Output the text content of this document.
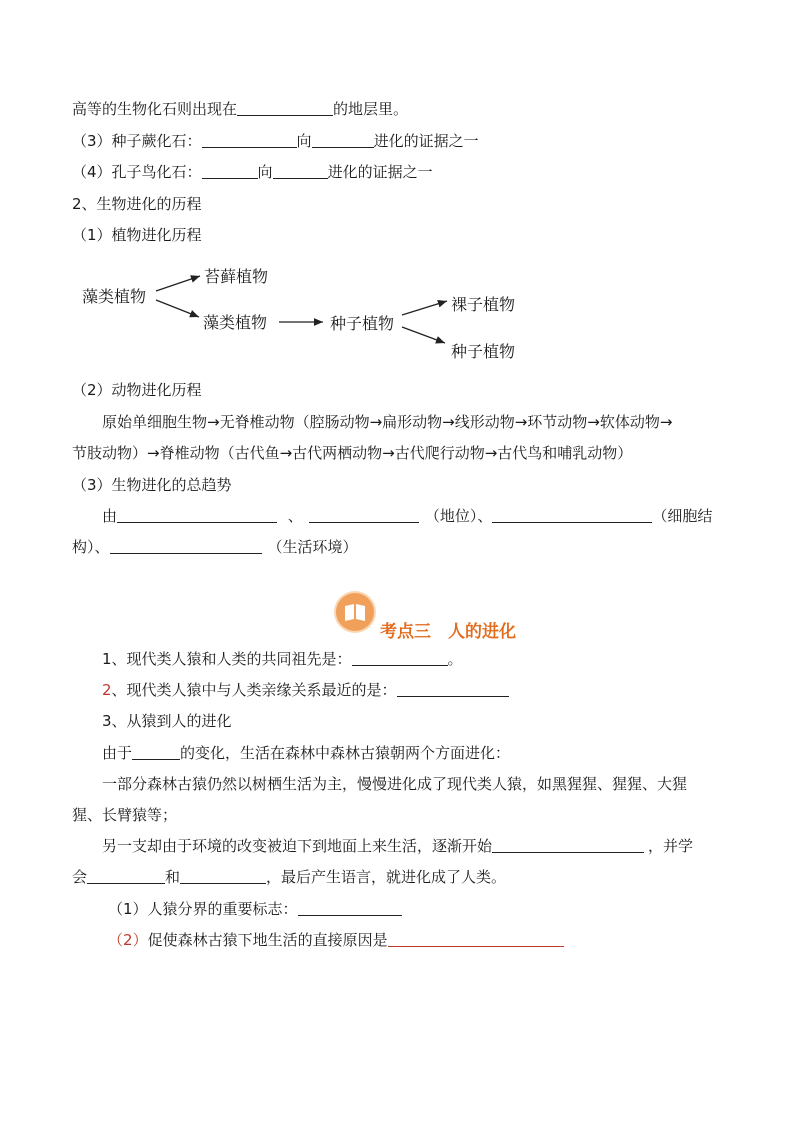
高等的生物化石则出现在	的地层里。
（3）种子蕨化石：	向	进化的证据之一
（4）孔子鸟化石：	向	进化的证据之一
2、生物进化的历程
（1）植物进化历程
藻类植物
苔藓植物
藻类植物	种子植物
裸子植物
种子植物
（2）动物进化历程
原始单细胞生物→无脊椎动物（腔肠动物→扁形动物→线形动物→环节动物→软体动物→
节肢动物）→脊椎动物（古代鱼→古代两栖动物→古代爬行动物→古代鸟和哺乳动物）
（3）生物进化的总趋势
由	、	（地位）、	（细胞结
构）、	（生活环境）
考点三　人的进化
1、现代类人猿和人类的共同祖先是：	。
2、现代类人猿中与人类亲缘关系最近的是：
3、从猿到人的进化
由于	的变化，生活在森林中森林古猿朝两个方面进化：
一部分森林古猿仍然以树栖生活为主，慢慢进化成了现代类人猿，如黑猩猩、猩猩、大猩
猩、长臂猿等；
另一支却由于环境的改变被迫下到地面上来生活，逐渐开始	，并学
会	和	，最后产生语言，就进化成了人类。
（1）人猿分界的重要标志：
（2）促使森林古猿下地生活的直接原因是
